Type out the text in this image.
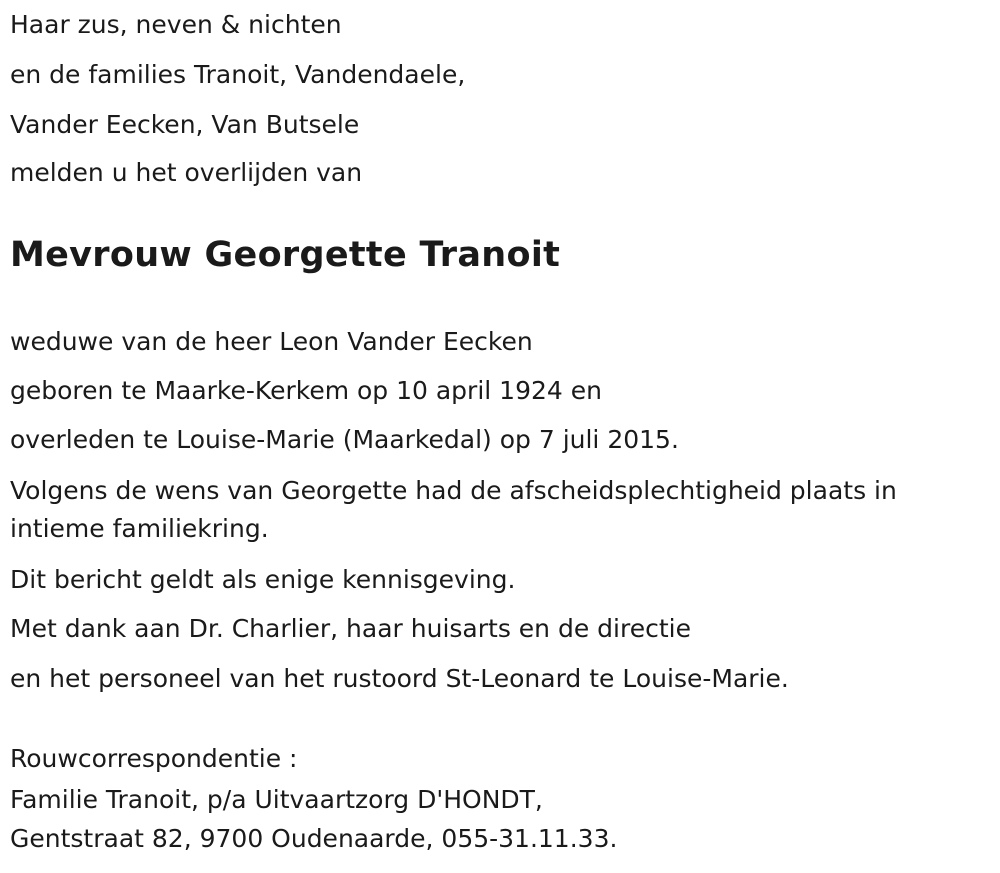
Haar zus, neven & nichten

en de families Tranoit, Vandendaele,

Vander Eecken, Van Butsele

melden u het overlijden van

Mevrouw Georgette Tranoit

weduwe van de heer Leon Vander Eecken

geboren te Maarke-Kerkem op 10 april 1924 en

overleden te Louise-Marie (Maarkedal) op 7 juli 2015.

Volgens de wens van Georgette had de afscheidsplechtigheid plaats in intieme familiekring.

Dit bericht geldt als enige kennisgeving.

Met dank aan Dr. Charlier, haar huisarts en de directie

en het personeel van het rustoord St-Leonard te Louise-Marie.

Rouwcorrespondentie :

Familie Tranoit, p/a Uitvaartzorg D'HONDT,

Gentstraat 82, 9700 Oudenaarde, 055-31.11.33.
